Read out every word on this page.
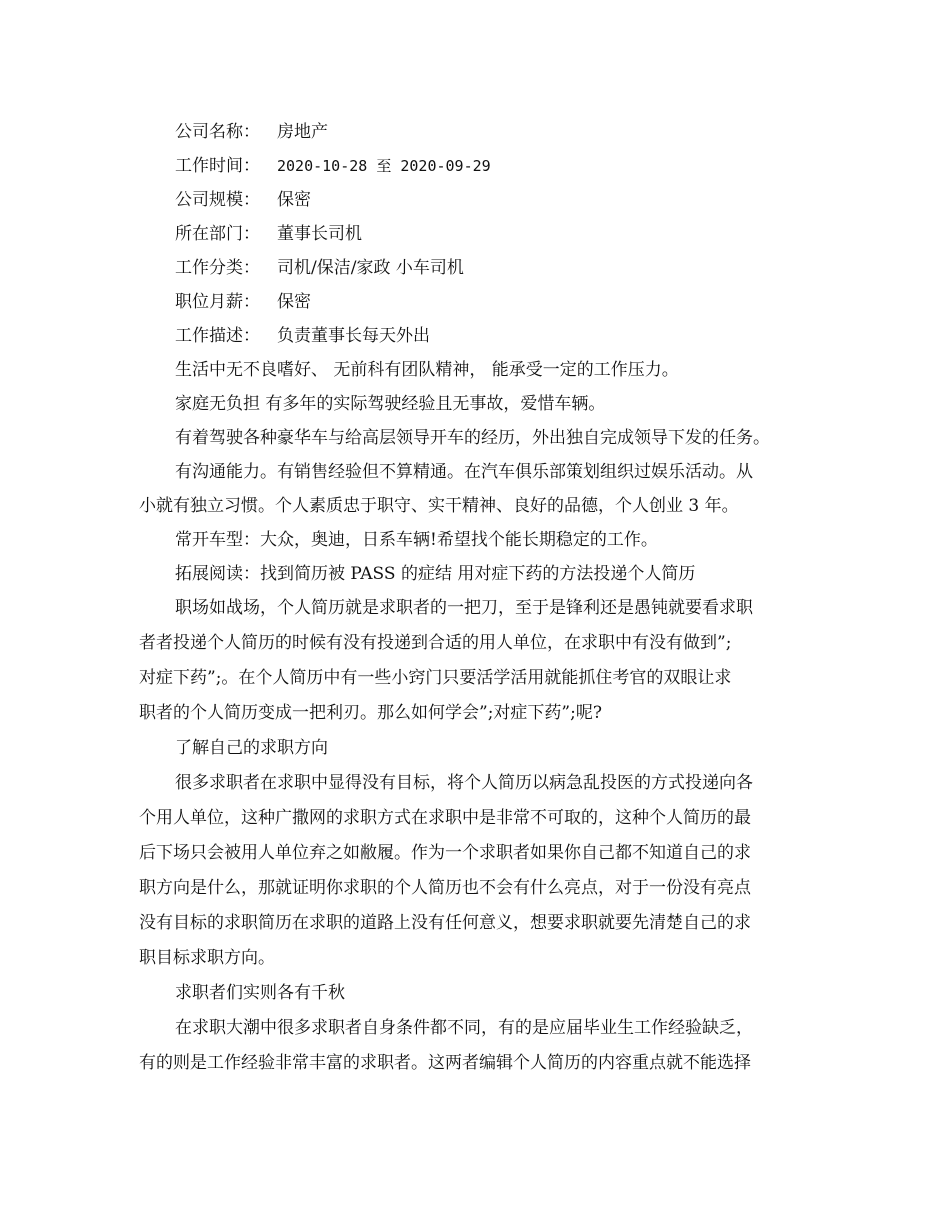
公司名称： 房地产
工作时间： 2020-10-28 至 2020-09-29
公司规模： 保密
所在部门： 董事长司机
工作分类： 司机/保洁/家政 小车司机
职位月薪： 保密
工作描述： 负责董事长每天外出
生活中无不良嗜好、 无前科有团队精神， 能承受一定的工作压力。
家庭无负担 有多年的实际驾驶经验且无事故，爱惜车辆。
有着驾驶各种豪华车与给高层领导开车的经历，外出独自完成领导下发的任务。
有沟通能力。有销售经验但不算精通。在汽车俱乐部策划组织过娱乐活动。从
小就有独立习惯。个人素质忠于职守、实干精神、良好的品德，个人创业 3 年。
常开车型：大众，奥迪，日系车辆!希望找个能长期稳定的工作。
拓展阅读：找到简历被 PASS 的症结 用对症下药的方法投递个人简历
职场如战场，个人简历就是求职者的一把刀，至于是锋利还是愚钝就要看求职
者者投递个人简历的时候有没有投递到合适的用人单位，在求职中有没有做到”;
对症下药”;。在个人简历中有一些小窍门只要活学活用就能抓住考官的双眼让求
职者的个人简历变成一把利刃。那么如何学会”;对症下药”;呢?
了解自己的求职方向
很多求职者在求职中显得没有目标，将个人简历以病急乱投医的方式投递向各
个用人单位，这种广撒网的求职方式在求职中是非常不可取的，这种个人简历的最
后下场只会被用人单位弃之如敝履。作为一个求职者如果你自己都不知道自己的求
职方向是什么，那就证明你求职的个人简历也不会有什么亮点，对于一份没有亮点
没有目标的求职简历在求职的道路上没有任何意义，想要求职就要先清楚自己的求
职目标求职方向。
求职者们实则各有千秋
在求职大潮中很多求职者自身条件都不同，有的是应届毕业生工作经验缺乏，
有的则是工作经验非常丰富的求职者。这两者编辑个人简历的内容重点就不能选择
